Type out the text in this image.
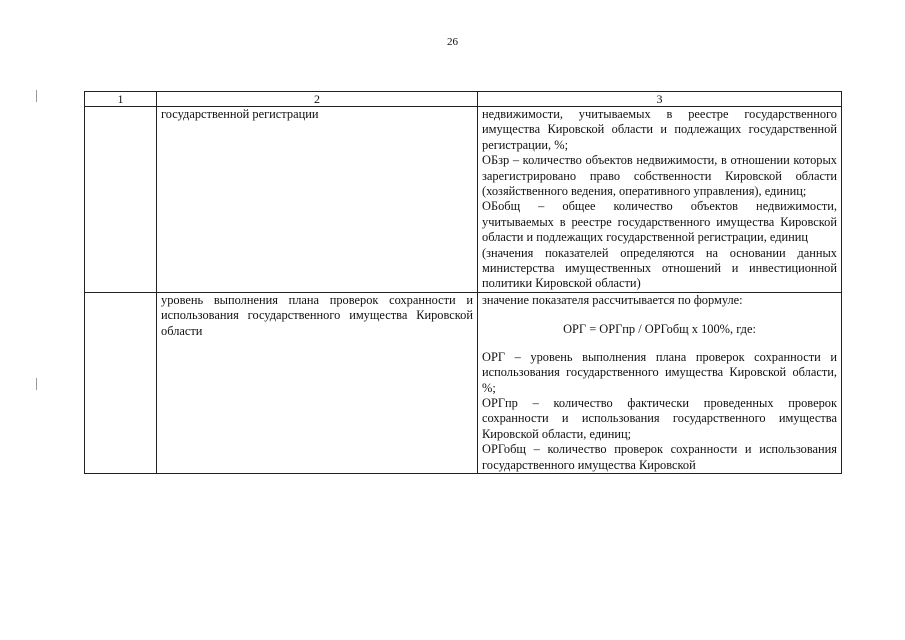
26
1	2	3
	государственной регистрации	недвижимости, учитываемых в реестре государственного имущества Кировской области и подлежащих государственной регистрации, %;

ОБзр – количество объектов недвижимости, в отношении которых зарегистрировано право собственности Кировской области (хозяйственного ведения, оперативного управления), единиц;

ОБобщ – общее количество объектов недвижимости, учитываемых в реестре государственного имущества Кировской области и подлежащих государственной регистрации, единиц

(значения показателей определяются на основании данных министерства имущественных отношений и инвестиционной политики Кировской области)

	уровень выполнения плана проверок сохранности и использования государственного имущества Кировской области	значение показателя рассчитывается по формуле:

ОРГ = ОРГпр / ОРГобщ x 100%, где:

ОРГ – уровень выполнения плана проверок сохранности и использования государственного имущества Кировской области, %;

ОРГпр – количество фактически проведенных проверок сохранности и использования государственного имущества Кировской области, единиц;

ОРГобщ – количество проверок сохранности и использования государственного имущества Кировской
